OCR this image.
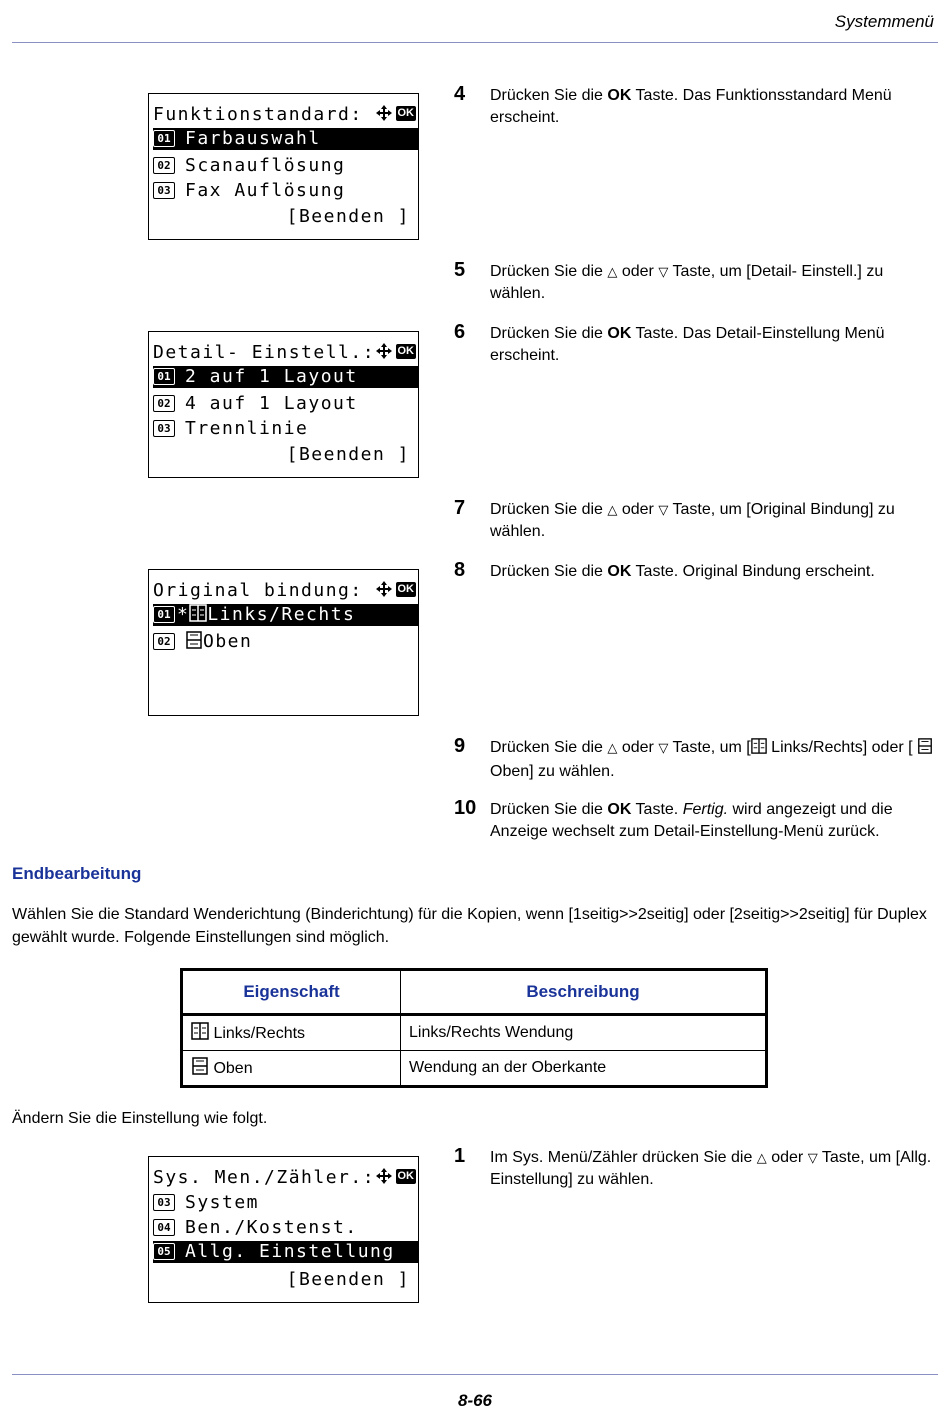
Systemmenü
Funktionstandard:
	OK

01 Farbauswahl
02 Scanauflösung
03 Fax Auflösung
[Beenden ]
Detail- Einstell.:
OK

01 2 auf 1 Layout
02 4 auf 1 Layout
03 Trennlinie
[Beenden ]
Original bindung:
	OK

01 * Links/Rechts
02 Oben
Sys. Men./Zähler.:
OK

03 System
04 Ben./Kostenst.
05 Allg. Einstellung
[Beenden ]
4 Drücken Sie die OK Taste. Das Funktionsstandard Menü erscheint.
5 Drücken Sie die △ oder ▽ Taste, um [Detail- Einstell.] zu wählen.
6 Drücken Sie die OK Taste. Das Detail-Einstellung Menü erscheint.
7 Drücken Sie die △ oder ▽ Taste, um [Original Bindung] zu wählen.
8 Drücken Sie die OK Taste. Original Bindung erscheint.
9 Drücken Sie die △ oder ▽ Taste, um [ Links/Rechts] oder [  Oben] zu wählen.
10 Drücken Sie die OK Taste. Fertig. wird angezeigt und die Anzeige wechselt zum Detail-Einstellung-Menü zurück.
Endbearbeitung
Wählen Sie die Standard Wenderichtung (Binderichtung) für die Kopien, wenn [1seitig>>2seitig] oder [2seitig>>2seitig] für Duplex gewählt wurde. Folgende Einstellungen sind möglich.
Eigenschaft	Beschreibung
Links/Rechts	Links/Rechts Wendung
Oben	Wendung an der Oberkante
Ändern Sie die Einstellung wie folgt.
1 Im Sys. Menü/Zähler drücken Sie die △ oder ▽ Taste, um [Allg. Einstellung] zu wählen.
8-66
